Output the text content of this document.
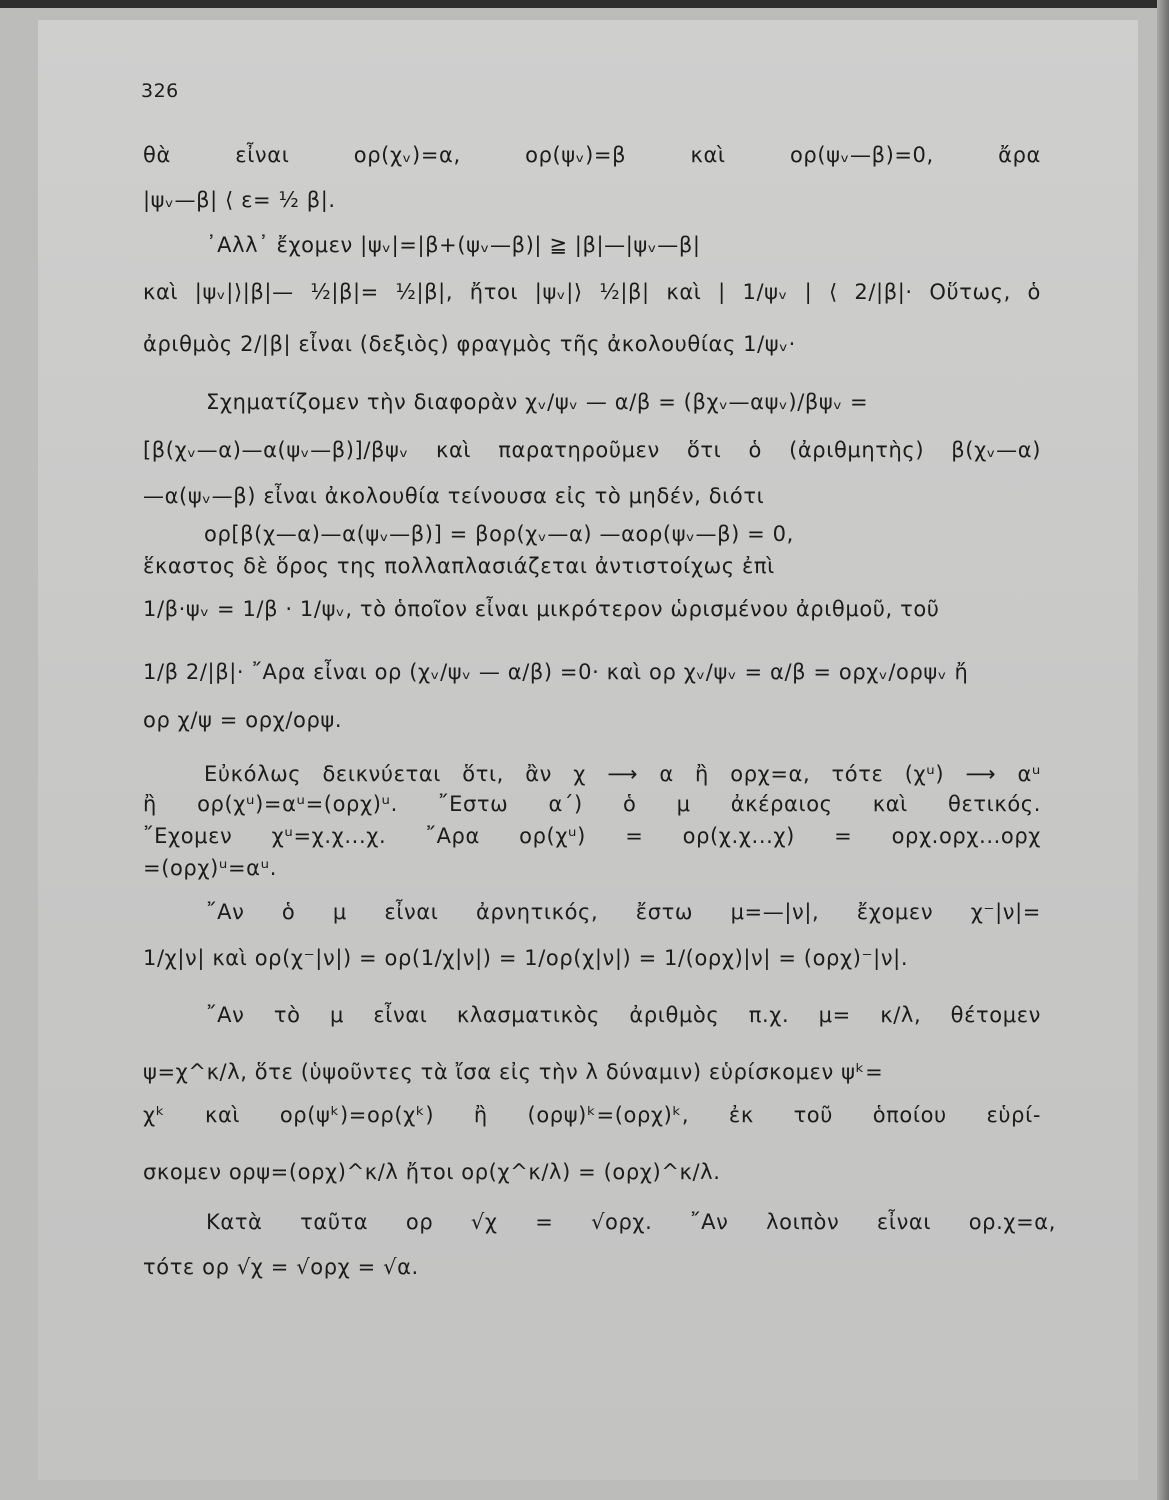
326
θὰ εἶναι ορ(χᵥ)=α, ορ(ψᵥ)=β καὶ ορ(ψᵥ—β)=0, ἄρα
|ψᵥ—β| ⟨ ε= ½ β|.
᾿Αλλ᾿ ἔχομεν |ψᵥ|=|β+(ψᵥ—β)| ≧ |β|—|ψᵥ—β|
καὶ |ψᵥ|⟩|β|— ½|β|= ½|β|, ἤτοι |ψᵥ|⟩ ½|β| καὶ | 1/ψᵥ | ⟨ 2/|β|· Οὕτως, ὁ
ἀριθμὸς 2/|β| εἶναι (δεξιὸς) φραγμὸς τῆς ἀκολουθίας 1/ψᵥ·
Σχηματίζομεν τὴν διαφορὰν χᵥ/ψᵥ — α/β = (βχᵥ—αψᵥ)/βψᵥ =
[β(χᵥ—α)—α(ψᵥ—β)]/βψᵥ καὶ παρατηροῦμεν ὅτι ὁ (ἀριθμητὴς) β(χᵥ—α)
—α(ψᵥ—β) εἶναι ἀκολουθία τείνουσα εἰς τὸ μηδέν, διότι
ορ[β(χ—α)—α(ψᵥ—β)] = βορ(χᵥ—α) —αορ(ψᵥ—β) = 0,
ἕκαστος δὲ ὅρος της πολλαπλασιάζεται ἀντιστοίχως ἐπὶ
1/β·ψᵥ = 1/β · 1/ψᵥ, τὸ ὁποῖον εἶναι μικρότερον ὡρισμένου ἀριθμοῦ, τοῦ
1/β 2/|β|· ῎Αρα εἶναι ορ (χᵥ/ψᵥ — α/β) =0· καὶ ορ χᵥ/ψᵥ = α/β = ορχᵥ/ορψᵥ ἤ
ορ χ/ψ = ορχ/ορψ.
Εὐκόλως δεικνύεται ὅτι, ἂν χ ⟶ α ἢ ορχ=α, τότε (χᵘ) ⟶ αᵘ
ἢ ορ(χᵘ)=αᵘ=(ορχ)ᵘ. ῎Εστω α΄) ὁ μ ἀκέραιος καὶ θετικός.
῎Εχομεν χᵘ=χ.χ...χ. ῎Αρα ορ(χᵘ) = ορ(χ.χ...χ) = ορχ.ορχ...ορχ
=(ορχ)ᵘ=αᵘ.
῎Αν ὁ μ εἶναι ἀρνητικός, ἔστω μ=—|ν|, ἔχομεν χ⁻|ν|=
1/χ|ν| καὶ ορ(χ⁻|ν|) = ορ(1/χ|ν|) = 1/ορ(χ|ν|) = 1/(ορχ)|ν| = (ορχ)⁻|ν|.
῎Αν τὸ μ εἶναι κλασματικὸς ἀριθμὸς π.χ. μ= κ/λ, θέτομεν
ψ=χ^κ/λ, ὅτε (ὑψοῦντες τὰ ἴσα εἰς τὴν λ δύναμιν) εὑρίσκομεν ψᵏ=
χᵏ καὶ ορ(ψᵏ)=ορ(χᵏ) ἢ (ορψ)ᵏ=(ορχ)ᵏ, ἐκ τοῦ ὁποίου εὑρί-
σκομεν ορψ=(ορχ)^κ/λ ἤτοι ορ(χ^κ/λ) = (ορχ)^κ/λ.
Κατὰ ταῦτα ορ √χ = √ορχ. ῎Αν λοιπὸν εἶναι ορ.χ=α,
τότε ορ √χ = √ορχ = √α.
